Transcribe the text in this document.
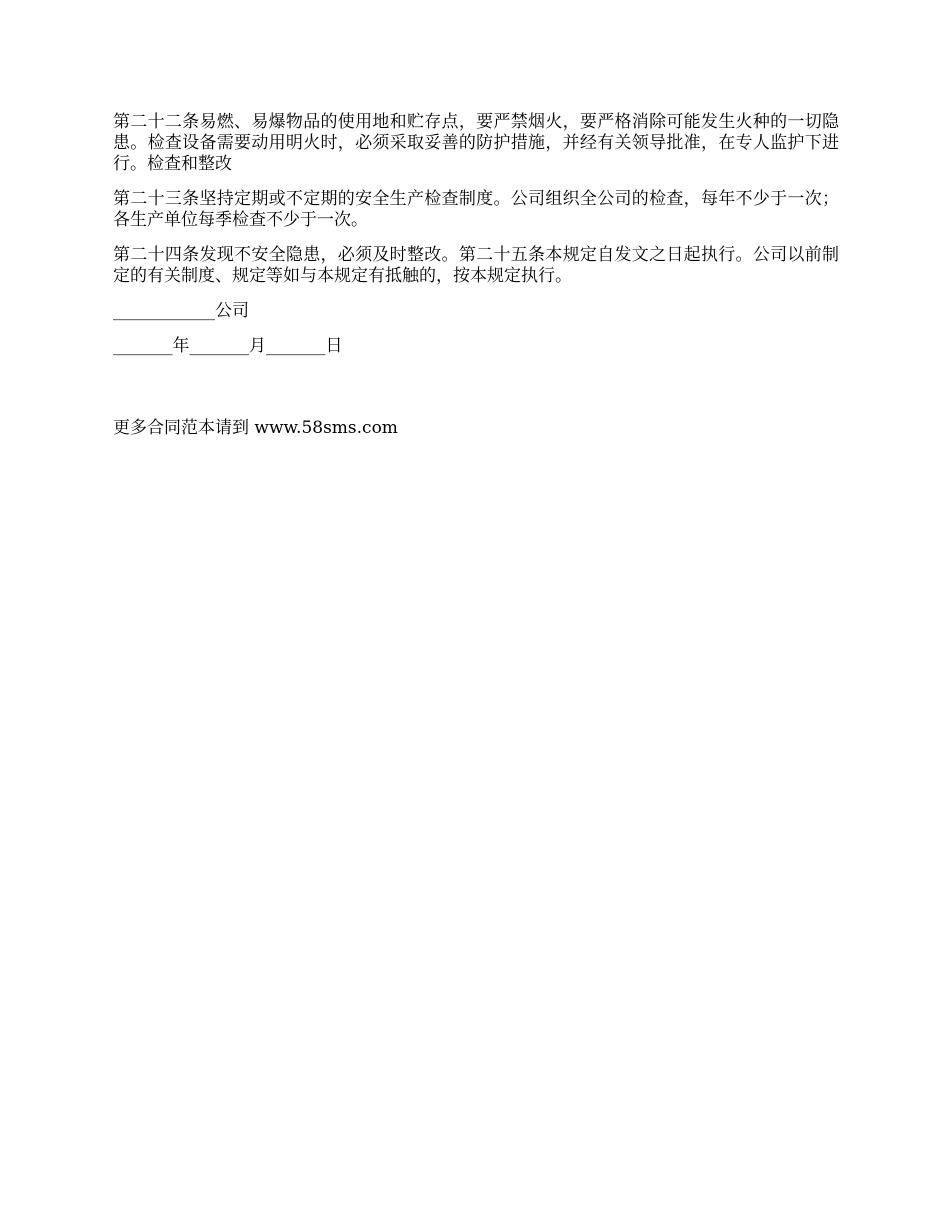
第二十二条易燃、易爆物品的使用地和贮存点，要严禁烟火，要严格消除可能发生火种的一切隐患。检查设备需要动用明火时，必须采取妥善的防护措施，并经有关领导批准，在专人监护下进行。检查和整改

第二十三条坚持定期或不定期的安全生产检查制度。公司组织全公司的检查，每年不少于一次；各生产单位每季检查不少于一次。

第二十四条发现不安全隐患，必须及时整改。第二十五条本规定自发文之日起执行。公司以前制定的有关制度、规定等如与本规定有抵触的，按本规定执行。

____________公司

_______年_______月_______日

更多合同范本请到 www.58sms.com
